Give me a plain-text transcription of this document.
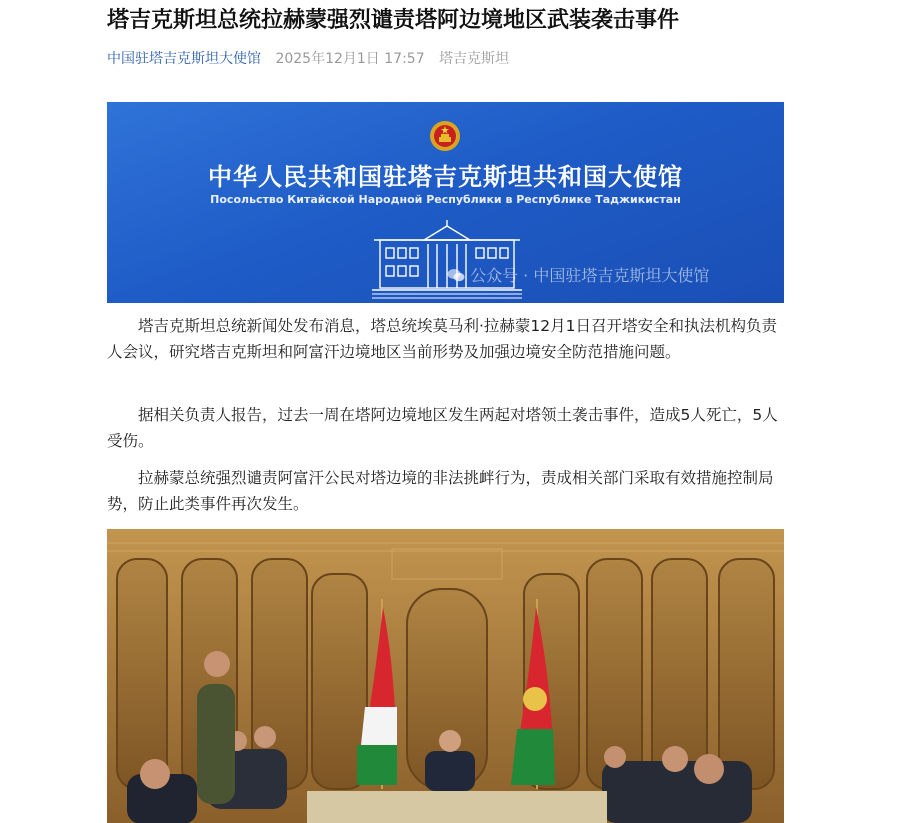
塔吉克斯坦总统拉赫蒙强烈谴责塔阿边境地区武装袭击事件
中国驻塔吉克斯坦大使馆 2025年12月1日 17:57 塔吉克斯坦
中华人民共和国驻塔吉克斯坦共和国大使馆
Посольство Китайской Народной Республики в Республике Таджикистан
公众号 · 中国驻塔吉克斯坦大使馆

塔吉克斯坦总统新闻处发布消息，塔总统埃莫马利·拉赫蒙12月1日召开塔安全和执法机构负责人会议，研究塔吉克斯坦和阿富汗边境地区当前形势及加强边境安全防范措施问题。

据相关负责人报告，过去一周在塔阿边境地区发生两起对塔领土袭击事件，造成5人死亡，5人受伤。

拉赫蒙总统强烈谴责阿富汗公民对塔边境的非法挑衅行为，责成相关部门采取有效措施控制局势，防止此类事件再次发生。
